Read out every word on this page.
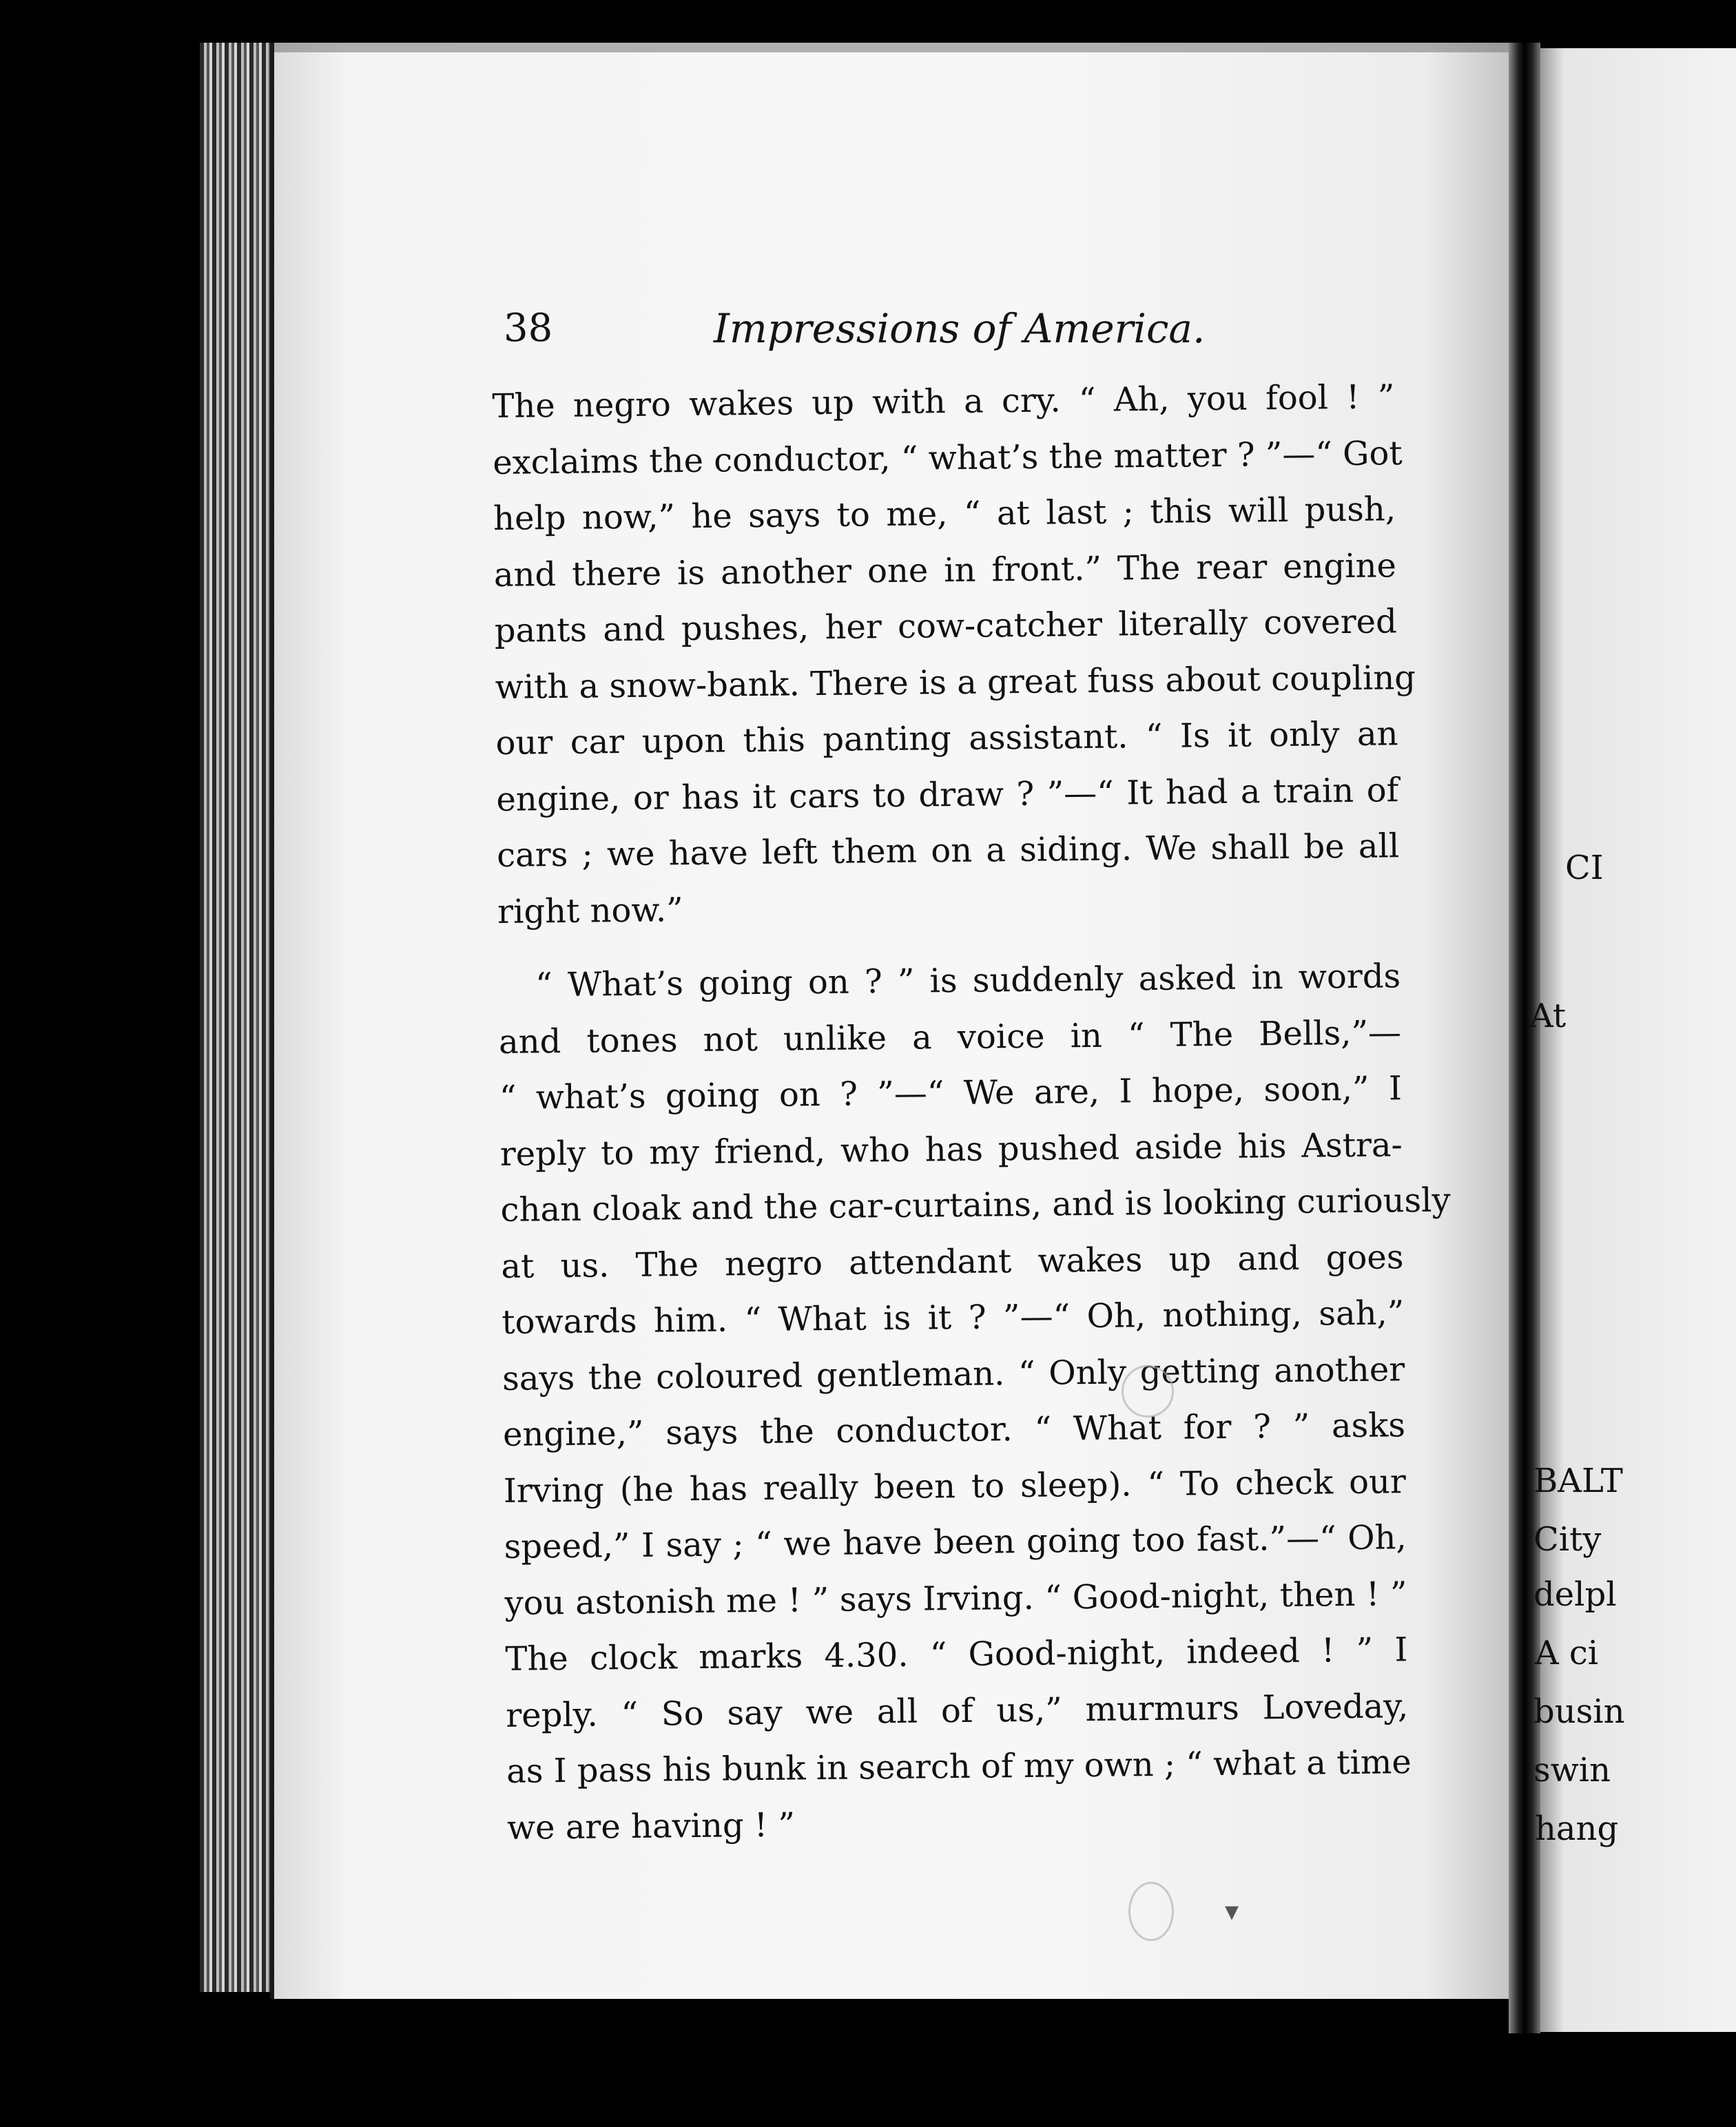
38	Impressions of America.
The negro wakes up with a cry. “ Ah, you fool ! ”
exclaims the conductor, “ what’s the matter ? ”—“ Got
help now,” he says to me, “ at last ; this will push,
and there is another one in front.” The rear engine
pants and pushes, her cow-catcher literally covered
with a snow-bank. There is a great fuss about coupling
our car upon this panting assistant. “ Is it only an
engine, or has it cars to draw ? ”—“ It had a train of
cars ; we have left them on a siding. We shall be all
right now.”
“ What’s going on ? ” is suddenly asked in words
and tones not unlike a voice in “ The Bells,”—
“ what’s going on ? ”—“ We are, I hope, soon,” I
reply to my friend, who has pushed aside his Astra-
chan cloak and the car-curtains, and is looking curiously
at us. The negro attendant wakes up and goes
towards him. “ What is it ? ”—“ Oh, nothing, sah,”
says the coloured gentleman. “ Only getting another
engine,” says the conductor. “ What for ? ” asks
Irving (he has really been to sleep). “ To check our
speed,” I say ; “ we have been going too fast.”—“ Oh,
you astonish me ! ” says Irving. “ Good-night, then ! ”
The clock marks 4.30. “ Good-night, indeed ! ” I
reply. “ So say we all of us,” murmurs Loveday,
as I pass his bunk in search of my own ; “ what a time
we are having ! ”
▾
CI
At
BALT
City
delpl
A ci
busin
swin
hang
